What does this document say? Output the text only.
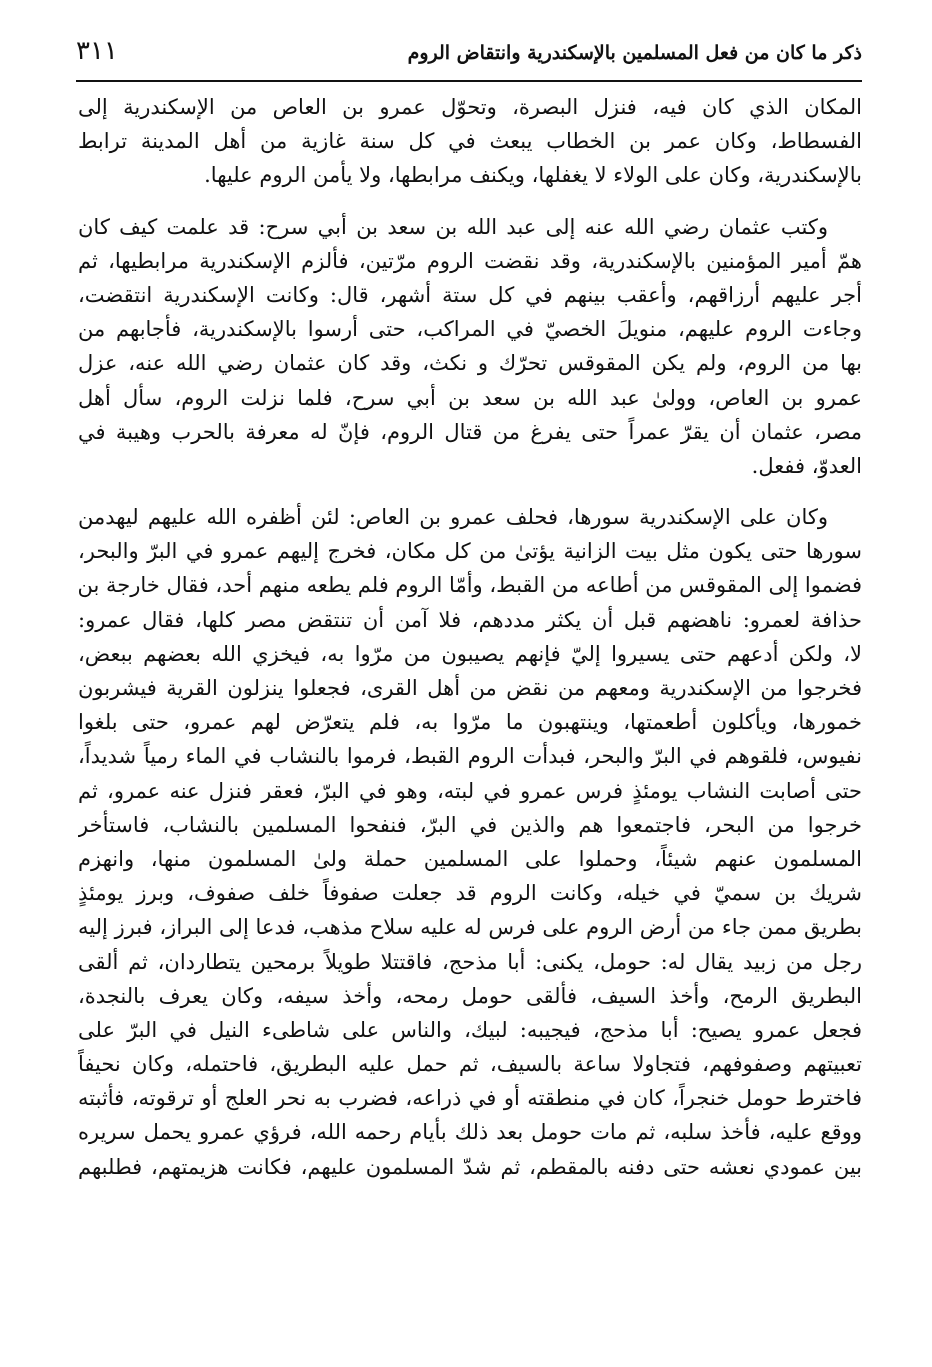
ذكر ما كان من فعل المسلمين بالإسكندرية وانتقاض الروم
٣١١
المكان الذي كان فيه، فنزل البصرة، وتحوّل عمرو بن العاص من الإسكندرية إلى
الفسطاط، وكان عمر بن الخطاب يبعث في كل سنة غازية من أهل المدينة ترابط
بالإسكندرية، وكان على الولاء لا يغفلها، ويكنف مرابطها، ولا يأمن الروم عليها.
وكتب عثمان رضي الله عنه إلى عبد الله بن سعد بن أبي سرح: قد علمت كيف كان
همّ أمير المؤمنين بالإسكندرية، وقد نقضت الروم مرّتين، فألزم الإسكندرية مرابطيها، ثم
أجر عليهم أرزاقهم، وأعقب بينهم في كل ستة أشهر، قال: وكانت الإسكندرية انتقضت،
وجاءت الروم عليهم، منويلَ الخصيّ في المراكب، حتى أرسوا بالإسكندرية، فأجابهم من
بها من الروم، ولم يكن المقوقس تحرّك و نكث، وقد كان عثمان رضي الله عنه، عزل
عمرو بن العاص، وولىٰ عبد الله بن سعد بن أبي سرح، فلما نزلت الروم، سأل أهل
مصر، عثمان أن يقرّ عمراً حتى يفرغ من قتال الروم، فإنّ له معرفة بالحرب وهيبة في
العدوّ، ففعل.
وكان على الإسكندرية سورها، فحلف عمرو بن العاص: لئن أظفره الله عليهم ليهدمن
سورها حتى يكون مثل بيت الزانية يؤتىٰ من كل مكان، فخرج إليهم عمرو في البرّ والبحر،
فضموا إلى المقوقس من أطاعه من القبط، وأمّا الروم فلم يطعه منهم أحد، فقال خارجة بن
حذافة لعمرو: ناهضهم قبل أن يكثر مددهم، فلا آمن أن تنتقض مصر كلها، فقال عمرو:
لا، ولكن أدعهم حتى يسيروا إليّ فإنهم يصيبون من مرّوا به، فيخزي الله بعضهم ببعض،
فخرجوا من الإسكندرية ومعهم من نقض من أهل القرى، فجعلوا ينزلون القرية فيشربون
خمورها، ويأكلون أطعمتها، وينتهبون ما مرّوا به، فلم يتعرّض لهم عمرو، حتى بلغوا
نفيوس، فلقوهم في البرّ والبحر، فبدأت الروم القبط، فرموا بالنشاب في الماء رمياً شديداً،
حتى أصابت النشاب يومئذٍ فرس عمرو في لبته، وهو في البرّ، فعقر فنزل عنه عمرو، ثم
خرجوا من البحر، فاجتمعوا هم والذين في البرّ، فنفحوا المسلمين بالنشاب، فاستأخر
المسلمون عنهم شيئاً، وحملوا على المسلمين حملة ولىٰ المسلمون منها، وانهزم
شريك بن سميّ في خيله، وكانت الروم قد جعلت صفوفاً خلف صفوف، وبرز يومئذٍ
بطريق ممن جاء من أرض الروم على فرس له عليه سلاح مذهب، فدعا إلى البراز، فبرز إليه
رجل من زبيد يقال له: حومل، يكنى: أبا مذحج، فاقتتلا طويلاً برمحين يتطاردان، ثم ألقى
البطريق الرمح، وأخذ السيف، فألقى حومل رمحه، وأخذ سيفه، وكان يعرف بالنجدة،
فجعل عمرو يصيح: أبا مذحج، فيجيبه: لبيك، والناس على شاطىء النيل في البرّ على
تعبيتهم وصفوفهم، فتجاولا ساعة بالسيف، ثم حمل عليه البطريق، فاحتمله، وكان نحيفاً
فاخترط حومل خنجراً، كان في منطقته أو في ذراعه، فضرب به نحر العلج أو ترقوته، فأثبته
ووقع عليه، فأخذ سلبه، ثم مات حومل بعد ذلك بأيام رحمه الله، فرؤي عمرو يحمل سريره
بين عمودي نعشه حتى دفنه بالمقطم، ثم شدّ المسلمون عليهم، فكانت هزيمتهم، فطلبهم
